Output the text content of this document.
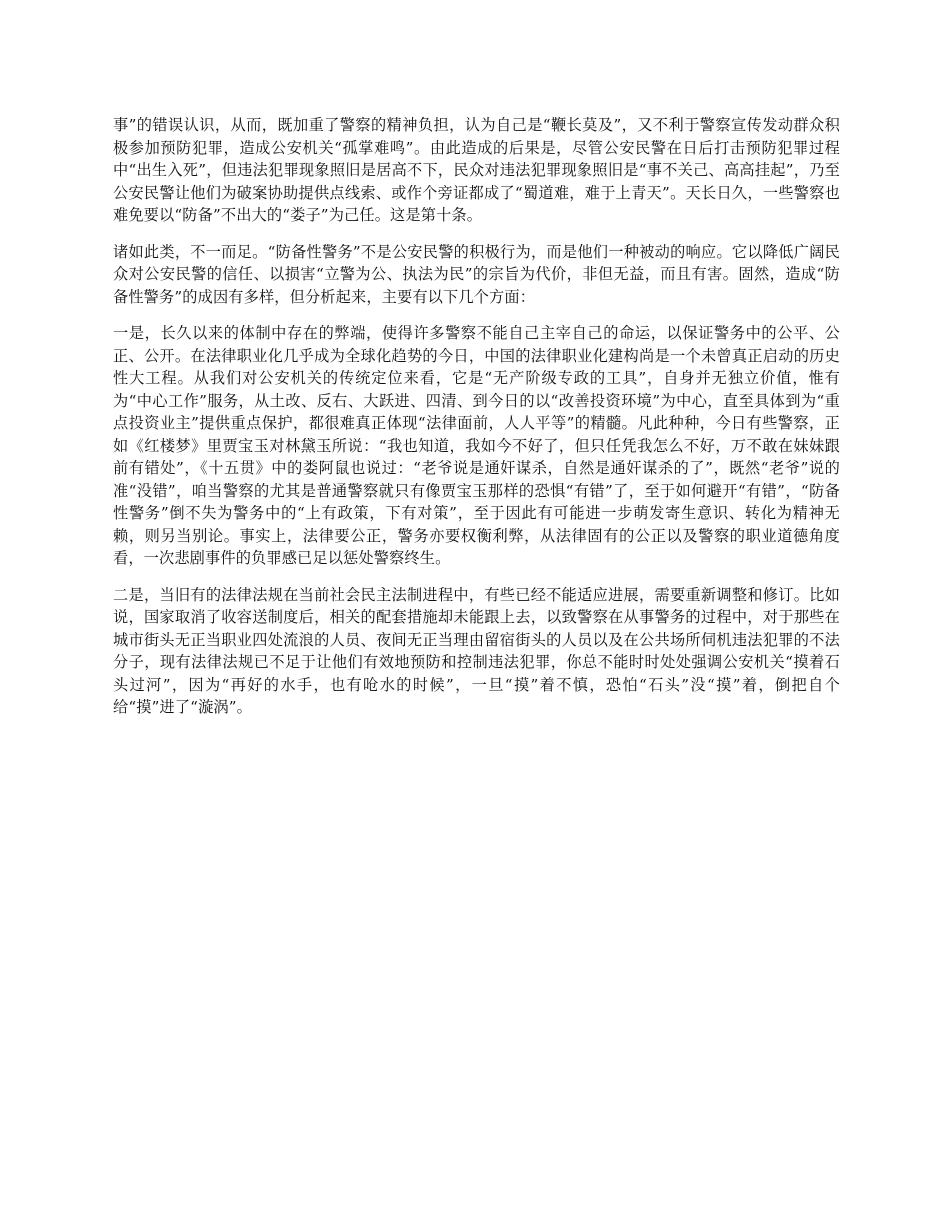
事”的错误认识，从而，既加重了警察的精神负担，认为自己是“鞭长莫及”，又不利于警察宣传发动群众积极参加预防犯罪，造成公安机关“孤掌难鸣”。由此造成的后果是，尽管公安民警在日后打击预防犯罪过程中“出生入死”，但违法犯罪现象照旧是居高不下，民众对违法犯罪现象照旧是“事不关己、高高挂起”，乃至公安民警让他们为破案协助提供点线索、或作个旁证都成了“蜀道难，难于上青天”。天长日久，一些警察也难免要以“防备”不出大的“娄子”为己任。这是第十条。

诸如此类，不一而足。“防备性警务”不是公安民警的积极行为，而是他们一种被动的响应。它以降低广阔民众对公安民警的信任、以损害“立警为公、执法为民”的宗旨为代价，非但无益，而且有害。固然，造成“防备性警务”的成因有多样，但分析起来，主要有以下几个方面：

一是，长久以来的体制中存在的弊端，使得许多警察不能自己主宰自己的命运，以保证警务中的公平、公正、公开。在法律职业化几乎成为全球化趋势的今日，中国的法律职业化建构尚是一个未曾真正启动的历史性大工程。从我们对公安机关的传统定位来看，它是“无产阶级专政的工具”，自身并无独立价值，惟有为“中心工作”服务，从土改、反右、大跃进、四清、到今日的以“改善投资环境”为中心，直至具体到为“重点投资业主”提供重点保护，都很难真正体现“法律面前，人人平等”的精髓。凡此种种，今日有些警察，正如《红楼梦》里贾宝玉对林黛玉所说：“我也知道，我如今不好了，但只任凭我怎么不好，万不敢在妹妹跟前有错处”，《十五贯》中的娄阿鼠也说过：“老爷说是通奸谋杀，自然是通奸谋杀的了”，既然“老爷”说的准“没错”，咱当警察的尤其是普通警察就只有像贾宝玉那样的恐惧“有错”了，至于如何避开“有错”，“防备性警务”倒不失为警务中的“上有政策，下有对策”，至于因此有可能进一步萌发寄生意识、转化为精神无赖，则另当别论。事实上，法律要公正，警务亦要权衡利弊，从法律固有的公正以及警察的职业道德角度看，一次悲剧事件的负罪感已足以惩处警察终生。

二是，当旧有的法律法规在当前社会民主法制进程中，有些已经不能适应进展，需要重新调整和修订。比如说，国家取消了收容送制度后，相关的配套措施却未能跟上去，以致警察在从事警务的过程中，对于那些在城市街头无正当职业四处流浪的人员、夜间无正当理由留宿街头的人员以及在公共场所伺机违法犯罪的不法分子，现有法律法规已不足于让他们有效地预防和控制违法犯罪，你总不能时时处处强调公安机关“摸着石头过河”，因为“再好的水手，也有呛水的时候”，一旦“摸”着不慎，恐怕“石头”没“摸”着，倒把自个给“摸”进了“漩涡”。
